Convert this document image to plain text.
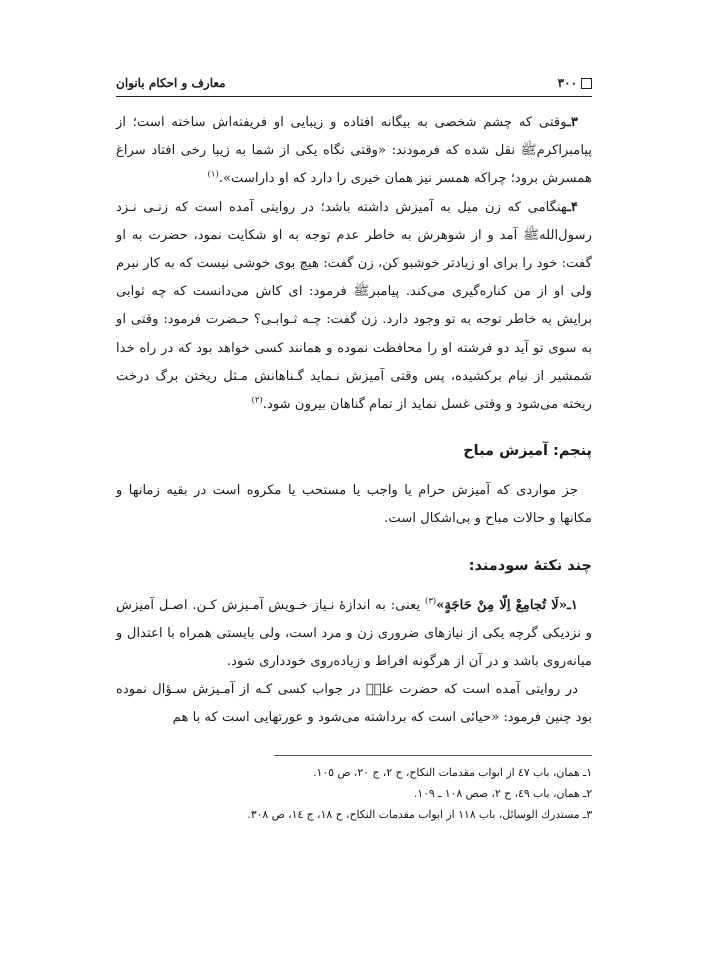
۳۰۰
معارف و احکام بانوان

۳ـوقتی که چشم شخصی به بیگانه افتاده و زیبایی او فریفته‌اش ساخته است؛ از پیامبراکرمﷺ نقل شده که فرمودند: «وقتی نگاه یکی از شما به زیبا رخی افتاد سراغ همسرش برود؛ چراکه همسر نیز همان خیری را دارد که او داراست».$^{(۱)}$

۴ـهنگامی که زن میل به آمیزش داشته باشد؛ در روایتی آمده است که زنـی نـزد رسول‌اللهﷺ آمد و از شوهرش به خاطر عدم توجه به او شکایت نمود، حضرت به او گفت: خود را برای او زیادتر خوشبو کن، زن گفت: هیچ بوی خوشی نیست که به کار نبرم ولی او از من کناره‌گیری می‌کند. پیامبرﷺ فرمود: ای کاش می‌دانست که چه ثوابی برایش به خاطر توجه به تو وجود دارد. زن گفت: چـه ثـوابـی؟ حـضرت فرمود: وقتی او به سوی تو آید دو فرشته او را محافظت نموده و همانند کسی خواهد بود که در راه خدا شمشیر از نیام برکشیده، پس وقتی آمیزش نـماید گـناهانش مـثل ریختن برگ درخت ریخته می‌شود و وقتی غسل نماید از تمام گناهان بیرون شود.$^{(۲)}$

پنجم: آمیزش مباح

جز مواردی که آمیزش حرام یا واجب یا مستحب یا مکروه است در بقیه زمانها و مکانها و حالات مباح و بی‌اشکال است.

چند نکتهٔ سودمند:

۱ـ«لَا تُجامِعْ اِلّا مِنْ حَاجَةٍ»$^{(۳)}$ یعنی: به اندازهٔ نـیاز خـویش آمـیزش کـن. اصـل آمیزش و نزدیکی گرچه یکی از نیازهای ضروری زن و مرد است، ولی بایستی همراه با اعتدال و میانه‌روی باشد و در آن از هرگونه افراط و زیاده‌روی خودداری شود.

در روایتی آمده است که حضرت علیؑ در جواب کسی کـه از آمـیزش سـؤال نموده بود چنین فرمود: «حیائی است که برداشته می‌شود و عورتهایی است که با هم

۱ـ همان، باب ٤٧ از ابواب مقدمات النکاح، ح ٢، ج ٢٠، ص ١٠٥.
۲ـ همان، باب ٤٩، ح ٢، صص ١٠٨ ـ ١٠٩.
۳ـ مستدرك الوسائل، باب ١١٨ از ابواب مقدمات النكاح، ح ١٨، ج ١٤، ص ٣٠٨.
